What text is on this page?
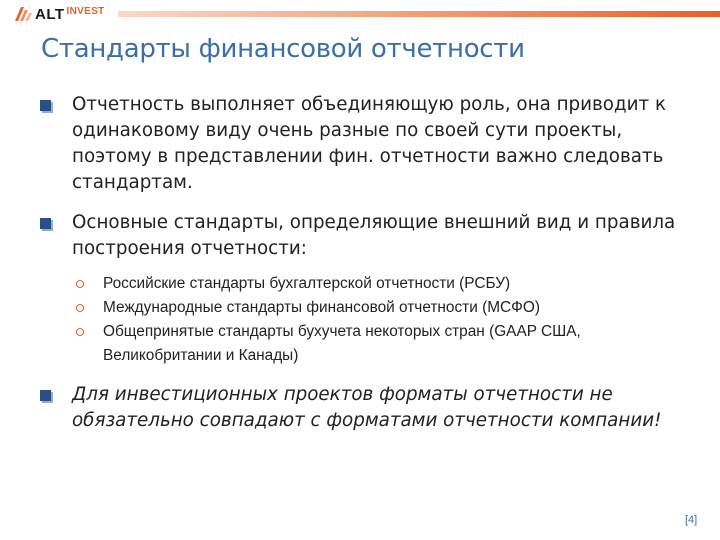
ALT INVEST
Стандарты финансовой отчетности
Отчетность выполняет объединяющую роль, она приводит к одинаковому виду очень разные по своей сути проекты, поэтому в представлении фин. отчетности важно следовать стандартам.
Основные стандарты, определяющие внешний вид и правила построения отчетности:
Российские стандарты бухгалтерской отчетности (РСБУ)
Международные стандарты финансовой отчетности (МСФО)
Общепринятые стандарты бухучета некоторых стран (GAAP США, Великобритании и Канады)
Для инвестиционных проектов форматы отчетности не обязательно совпадают с форматами отчетности компании!
[4]
